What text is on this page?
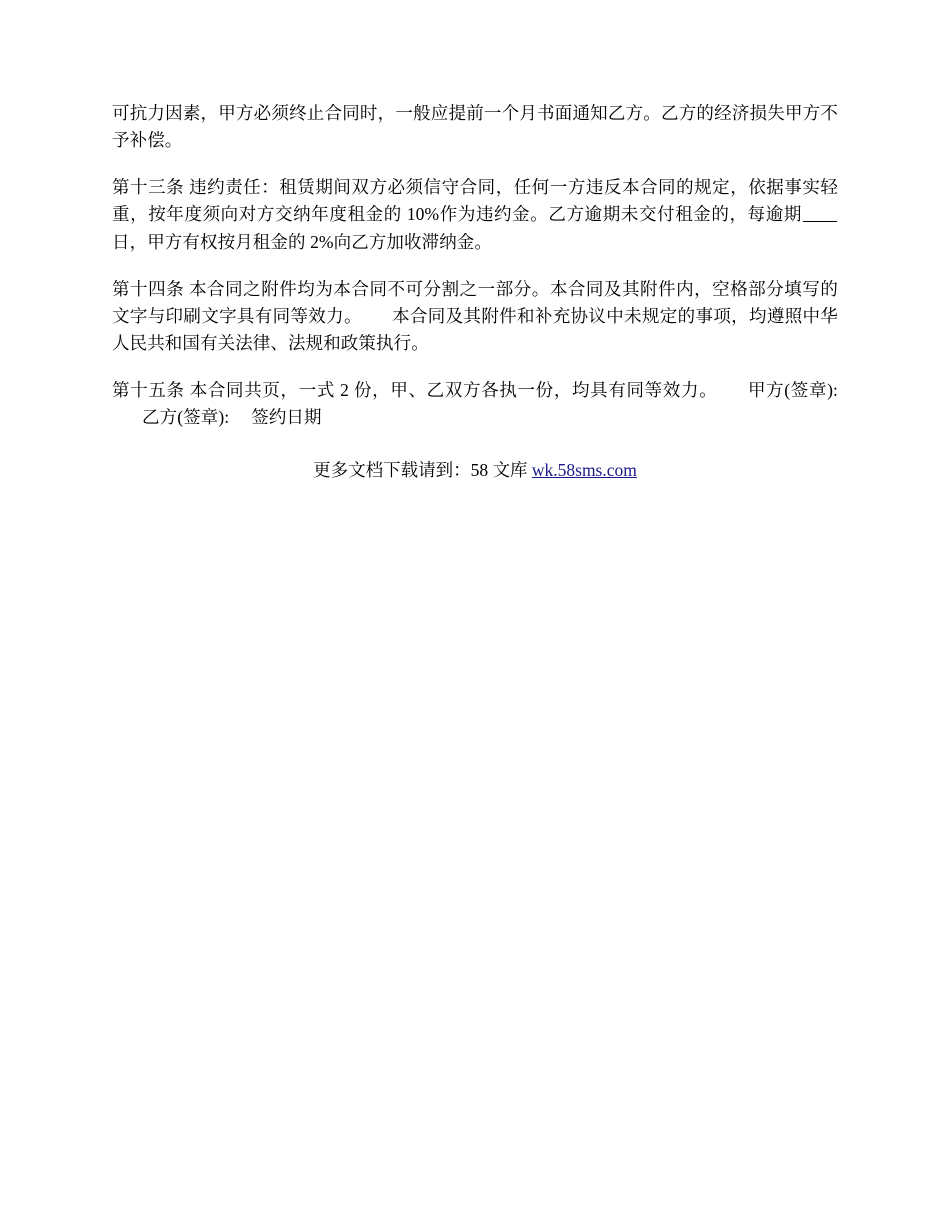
可抗力因素，甲方必须终止合同时，一般应提前一个月书面通知乙方。乙方的经济损失甲方不予补偿。

第十三条 违约责任：租赁期间双方必须信守合同，任何一方违反本合同的规定，依据事实轻重，按年度须向对方交纳年度租金的 10%作为违约金。乙方逾期未交付租金的，每逾期日，甲方有权按月租金的 2%向乙方加收滞纳金。

第十四条 本合同之附件均为本合同不可分割之一部分。本合同及其附件内，空格部分填写的文字与印刷文字具有同等效力。 本合同及其附件和补充协议中未规定的事项，均遵照中华人民共和国有关法律、法规和政策执行。

第十五条 本合同共页，一式 2 份，甲、乙双方各执一份，均具有同等效力。 甲方(签章):乙方(签章): 签约日期

更多文档下载请到：58 文库 wk.58sms.com
